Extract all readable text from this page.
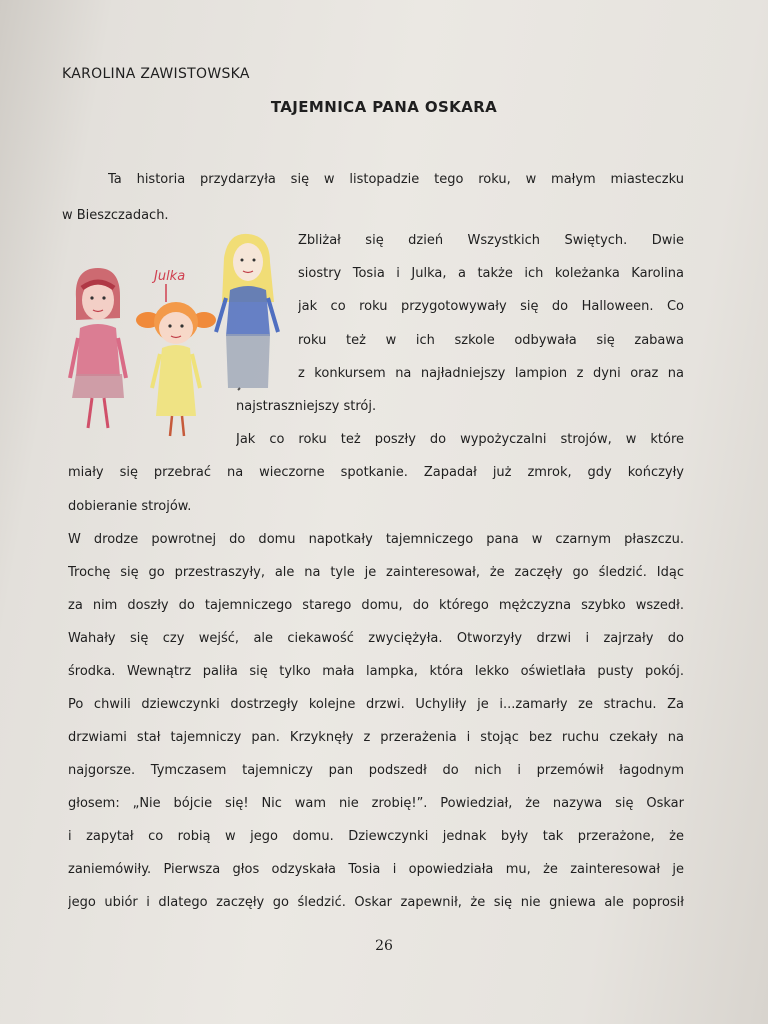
KAROLINA ZAWISTOWSKA
TAJEMNICA PANA OSKARA
Julka
Ta historia przydarzyła się w listopadzie tego roku, w małym miasteczku
w Bieszczadach.
Zbliżał się dzień Wszystkich Świętych. Dwie
siostry Tosia i Julka, a także ich koleżanka Karolina
jak co roku przygotowywały się do Halloween. Co
roku też w ich szkole odbywała się zabawa
z konkursem na najładniejszy lampion z dyni oraz na
najstraszniejszy strój.
Jak co roku też poszły do wypożyczalni strojów, w które
miały się przebrać na wieczorne spotkanie. Zapadał już zmrok, gdy kończyły
dobieranie strojów.
W drodze powrotnej do domu napotkały tajemniczego pana w czarnym płaszczu.
Trochę się go przestraszyły, ale na tyle je zainteresował, że zaczęły go śledzić. Idąc
za nim doszły do tajemniczego starego domu, do którego mężczyzna szybko wszedł.
Wahały się czy wejść, ale ciekawość zwyciężyła. Otworzyły drzwi i zajrzały do
środka. Wewnątrz paliła się tylko mała lampka, która lekko oświetlała pusty pokój.
Po chwili dziewczynki dostrzegły kolejne drzwi. Uchyliły je i...zamarły ze strachu. Za
drzwiami stał tajemniczy pan. Krzyknęły z przerażenia i stojąc bez ruchu czekały na
najgorsze. Tymczasem tajemniczy pan podszedł do nich i przemówił łagodnym
głosem: „Nie bójcie się! Nic wam nie zrobię!”. Powiedział, że nazywa się Oskar
i zapytał co robią w jego domu. Dziewczynki jednak były tak przerażone, że
zaniemówiły. Pierwsza głos odzyskała Tosia i opowiedziała mu, że zainteresował je
jego ubiór i dlatego zaczęły go śledzić. Oskar zapewnił, że się nie gniewa ale poprosił
26
